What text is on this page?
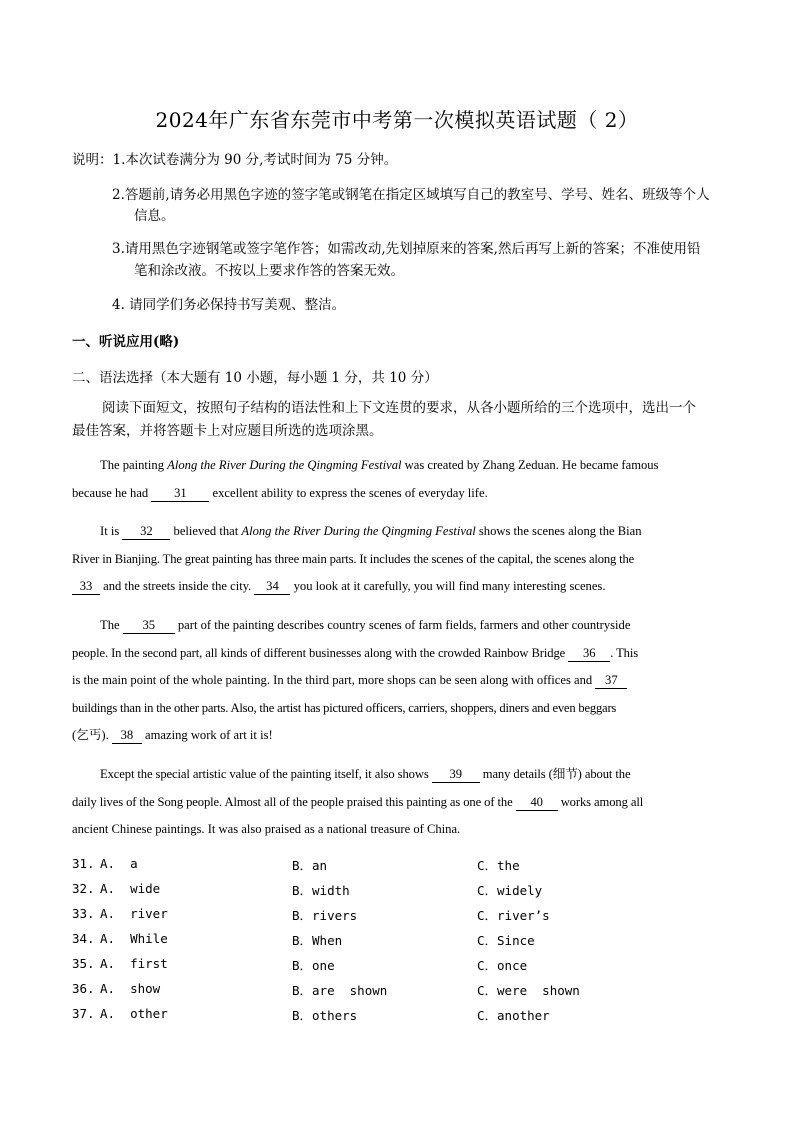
2024年广东省东莞市中考第一次模拟英语试题（ 2）
说明：1.本次试卷满分为 90 分,考试时间为 75 分钟。
2.答题前,请务必用黑色字迹的签字笔或钢笔在指定区域填写自己的教室号、学号、姓名、班级等个人
信息。
3.请用黑色字迹钢笔或签字笔作答；如需改动,先划掉原来的答案,然后再写上新的答案；不准使用铅
笔和涂改液。不按以上要求作答的答案无效。
4. 请同学们务必保持书写美观、整洁。
一、听说应用(略)
二、语法选择（本大题有 10 小题，每小题 1 分，共 10 分）
阅读下面短文，按照句子结构的语法性和上下文连贯的要求，从各小题所给的三个选项中，选出一个
最佳答案，并将答题卡上对应题目所选的选项涂黑。
The painting Along the River During the Qingming Festival was created by Zhang Zeduan. He became famous
because he had 31 excellent ability to express the scenes of everyday life.
It is 32 believed that Along the River During the Qingming Festival shows the scenes along the Bian
River in Bianjing. The great painting has three main parts. It includes the scenes of the capital, the scenes along the
33 and the streets inside the city. 34 you look at it carefully, you will find many interesting scenes.
The 35 part of the painting describes country scenes of farm fields, farmers and other countryside
people. In the second part, all kinds of different businesses along with the crowded Rainbow Bridge 36 . This
is the main point of the whole painting. In the third part, more shops can be seen along with offices and 37
buildings than in the other parts. Also, the artist has pictured officers, carriers, shoppers, diners and even beggars
(乞丐). 38 amazing work of art it is!
Except the special artistic value of the painting itself, it also shows 39 many details (细节) about the
daily lives of the Song people. Almost all of the people praised this painting as one of the 40 works among all
ancient Chinese paintings. It was also praised as a national treasure of China.
31. A.  a	B．an	C．the
32. A.  wide	B．width	C．widely
33. A.  river	B．rivers	C．river’s
34. A.  While	B．When	C．Since
35. A.  first	B．one	C．once
36. A.  show	B．are  shown	C．were  shown
37. A.  other	B．others	C．another
